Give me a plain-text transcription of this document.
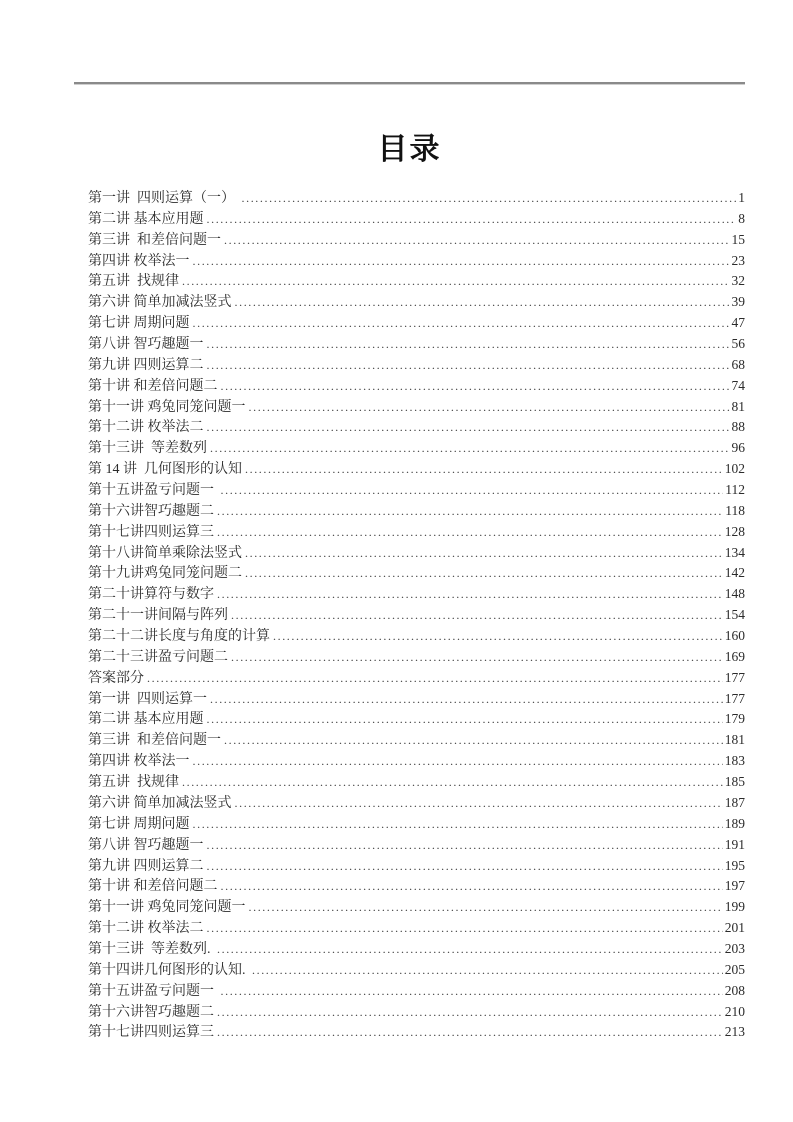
目录
第一讲  四则运算（一） .....	1
第二讲 基本应用题 .....	8
第三讲  和差倍问题一 .....	15
第四讲 枚举法一 .....	23
第五讲  找规律 .....	32
第六讲 简单加减法竖式 .....	39
第七讲 周期问题 .....	47
第八讲 智巧趣题一 .....	56
第九讲 四则运算二 .....	68
第十讲 和差倍问题二 .....	74
第十一讲 鸡兔同笼问题一 .....	81
第十二讲 枚举法二 .....	88
第十三讲  等差数列 .....	96
第 14 讲  几何图形的认知 .....	102
第十五讲盈亏问题一 .....	112
第十六讲智巧趣题二 .....	118
第十七讲四则运算三 .....	128
第十八讲简单乘除法竖式 .....	134
第十九讲鸡兔同笼问题二 .....	142
第二十讲算符与数字 .....	148
第二十一讲间隔与阵列 .....	154
第二十二讲长度与角度的计算 .....	160
第二十三讲盈亏问题二 .....	169
答案部分 .....	177
第一讲  四则运算一 .....	177
第二讲 基本应用题 .....	179
第三讲  和差倍问题一 .....	181
第四讲 枚举法一 .....	183
第五讲  找规律 .....	185
第六讲 简单加减法竖式 .....	187
第七讲 周期问题 .....	189
第八讲 智巧趣题一 .....	191
第九讲 四则运算二 .....	195
第十讲 和差倍问题二 .....	197
第十一讲 鸡兔同笼问题一 .....	199
第十二讲 枚举法二 .....	201
第十三讲  等差数列. .....	203
第十四讲几何图形的认知. .....	205
第十五讲盈亏问题一 .....	208
第十六讲智巧趣题二 .....	210
第十七讲四则运算三 .....	213
